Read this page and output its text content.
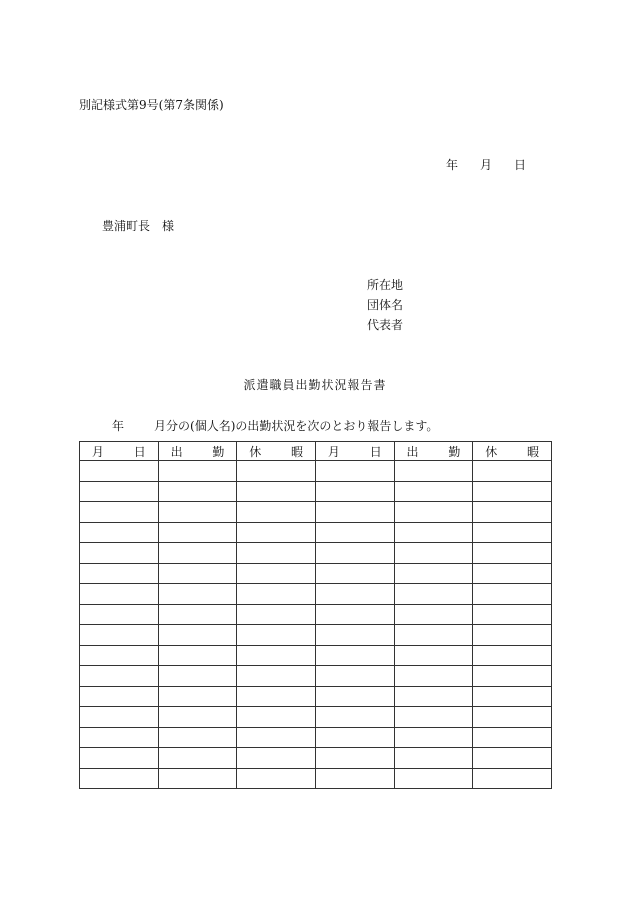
別記様式第9号(第7条関係)
年 月 日
豊浦町長 様
所在地
団体名
代表者
派遣職員出勤状況報告書
年	月分の(個人名)の出勤状況を次のとおり報告します。
月 日	出 勤	休 暇	月 日	出 勤	休 暇
